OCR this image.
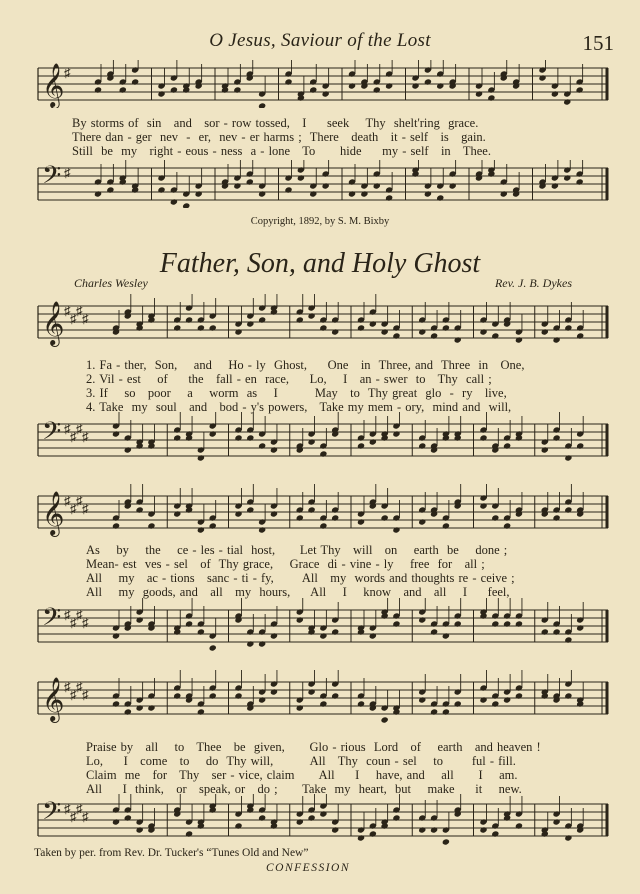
O Jesus, Saviour of the Lost	151
𝄞 ♯
By storms of  sin   and   sor - row tossed,   I     seek    Thy  shelt'ring  grace.
There dan - ger  nev  -  er,  nev - er harms ;  There   death   it - self   is   gain.
Still  be  my   right - eous - ness  a - lone   To      hide     my - self   in   Thee.
𝄢 ♯
Copyright, 1892, by S. M. Bixby
Father, Son, and Holy Ghost
Charles Wesley	Rev. J. B. Dykes
𝄞 ♯
♯
♯
♯
1. Fa - ther,  Son,    and    Ho - ly  Ghost,     One   in  Three, and  Three  in   One,
2. Vil - est    of     the   fall - en  race,     Lo,    I   an - swer  to   Thy  call ;
3. If    so   poor    a    worm  as    I         May   to  Thy great  glo  -  ry   live,
4. Take  my  soul   and   bod - y's powers,   Take my mem - ory,  mind and  will,
𝄢 ♯
♯
♯
♯
𝄞 ♯
♯
♯
♯
As    by    the    ce - les - tial  host,      Let Thy   will   on    earth  be    done ;
Mean- est  ves - sel   of  Thy grace,    Grace  di - vine - ly    free  for   all ;
All    my   ac - tions   sanc - ti - fy,       All   my  words and thoughts re - ceive ;
All    my  goods, and   all   my  hours,     All    I    know   and   all    I     feel,
𝄢 ♯
♯
♯
♯
𝄞 ♯
♯
♯
♯
Praise by   all    to   Thee   be  given,      Glo - rious  Lord   of    earth   and heaven !
Lo,     I   come   to    do  Thy will,         All   Thy  coun - sel    to       ful - fill.
Claim  me   for   Thy   ser - vice, claim      All     I    have, and    all      I    am.
All     I  think,   or   speak, or   do ;      Take  my  heart,  but    make     it    new.
𝄢 ♯
♯
♯
♯
Taken by per. from Rev. Dr. Tucker's “Tunes Old and New”
CONFESSION
